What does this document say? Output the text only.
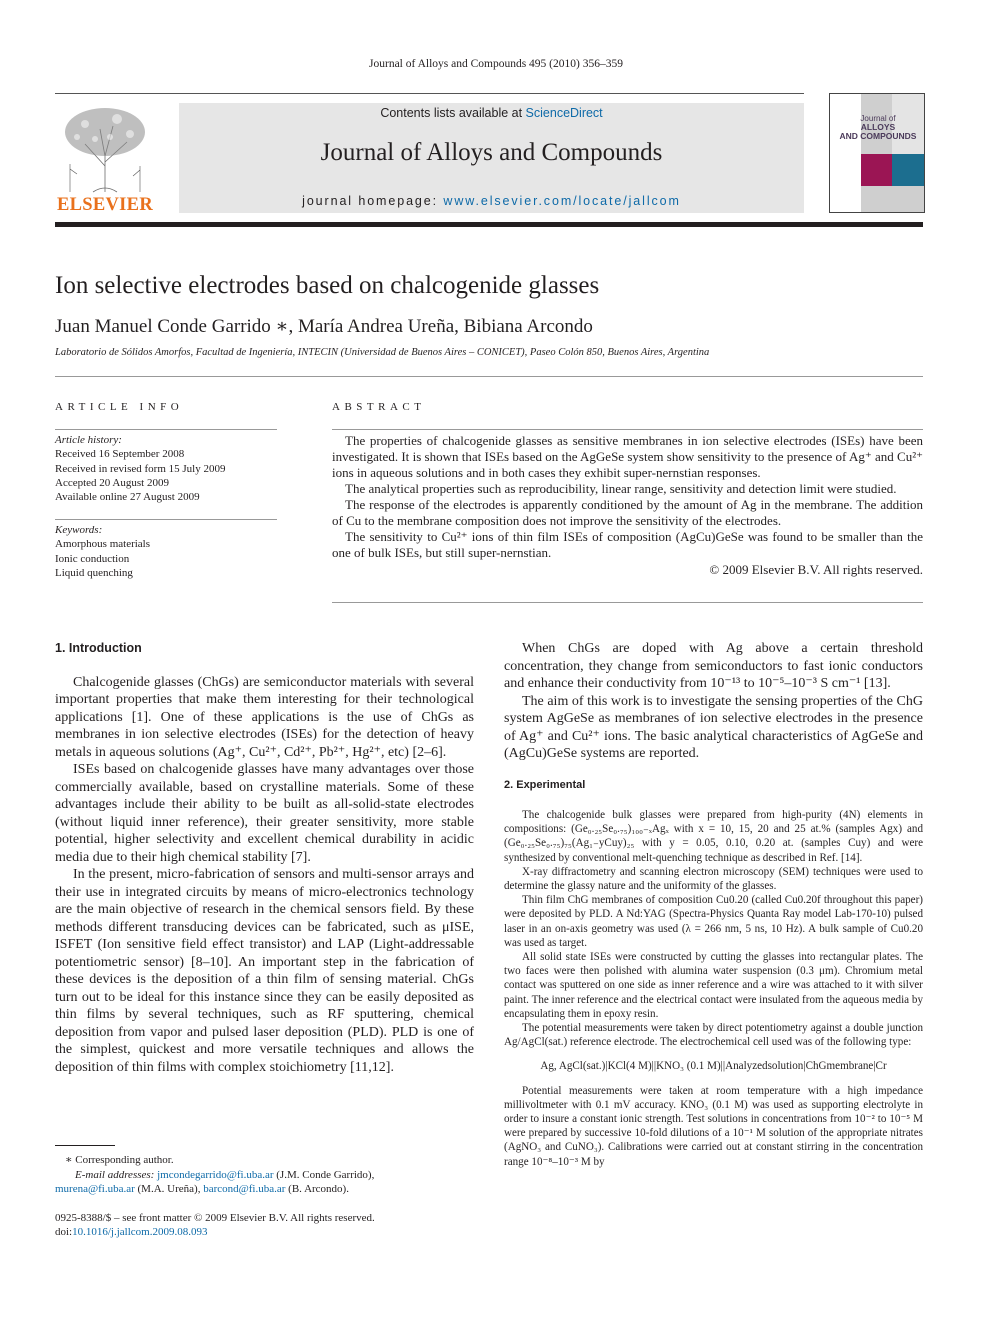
Journal of Alloys and Compounds 495 (2010) 356–359
ELSEVIER
Contents lists available at ScienceDirect
Journal of Alloys and Compounds
journal homepage: www.elsevier.com/locate/jallcom
Journal of
ALLOYS
AND COMPOUNDS
Ion selective electrodes based on chalcogenide glasses
Juan Manuel Conde Garrido ∗, María Andrea Ureña, Bibiana Arcondo
Laboratorio de Sólidos Amorfos, Facultad de Ingeniería, INTECIN (Universidad de Buenos Aires – CONICET), Paseo Colón 850, Buenos Aires, Argentina
ARTICLE INFO
Article history:
Received 16 September 2008
Received in revised form 15 July 2009
Accepted 20 August 2009
Available online 27 August 2009
Keywords:
Amorphous materials
Ionic conduction
Liquid quenching
ABSTRACT

The properties of chalcogenide glasses as sensitive membranes in ion selective electrodes (ISEs) have been investigated. It is shown that ISEs based on the AgGeSe system show sensitivity to the presence of Ag⁺ and Cu²⁺ ions in aqueous solutions and in both cases they exhibit super-nernstian responses.

The analytical properties such as reproducibility, linear range, sensitivity and detection limit were studied.

The response of the electrodes is apparently conditioned by the amount of Ag in the membrane. The addition of Cu to the membrane composition does not improve the sensitivity of the electrodes.

The sensitivity to Cu²⁺ ions of thin film ISEs of composition (AgCu)GeSe was found to be smaller than the one of bulk ISEs, but still super-nernstian.

© 2009 Elsevier B.V. All rights reserved.

1. Introduction

Chalcogenide glasses (ChGs) are semiconductor materials with several important properties that make them interesting for their technological applications [1]. One of these applications is the use of ChGs as membranes in ion selective electrodes (ISEs) for the detection of heavy metals in aqueous solutions (Ag⁺, Cu²⁺, Cd²⁺, Pb²⁺, Hg²⁺, etc) [2–6].

ISEs based on chalcogenide glasses have many advantages over those commercially available, based on crystalline materials. Some of these advantages include their ability to be built as all-solid-state electrodes (without liquid inner reference), their greater sensitivity, more stable potential, higher selectivity and excellent chemical durability in acidic media due to their high chemical stability [7].

In the present, micro-fabrication of sensors and multi-sensor arrays and their use in integrated circuits by means of micro-electronics technology are the main objective of research in the chemical sensors field. By these methods different transducing devices can be fabricated, such as μISE, ISFET (Ion sensitive field effect transistor) and LAP (Light-addressable potentiometric sensor) [8–10]. An important step in the fabrication of these devices is the deposition of a thin film of sensing material. ChGs turn out to be ideal for this instance since they can be easily deposited as thin films by several techniques, such as RF sputtering, chemical deposition from vapor and pulsed laser deposition (PLD). PLD is one of the simplest, quickest and more versatile techniques and allows the deposition of thin films with complex stoichiometry [11,12].

When ChGs are doped with Ag above a certain threshold concentration, they change from semiconductors to fast ionic conductors and enhance their conductivity from 10⁻¹³ to 10⁻⁵–10⁻³ S cm⁻¹ [13].

The aim of this work is to investigate the sensing properties of the ChG system AgGeSe as membranes of ion selective electrodes in the presence of Ag⁺ and Cu²⁺ ions. The basic analytical characteristics of AgGeSe and (AgCu)GeSe systems are reported.

2. Experimental

The chalcogenide bulk glasses were prepared from high-purity (4N) elements in compositions: (Ge₀.₂₅Se₀.₇₅)₁₀₀₋ₓAgₓ with x = 10, 15, 20 and 25 at.% (samples Agx) and (Ge₀.₂₅Se₀.₇₅)₇₅(Ag₁₋yCuy)₂₅ with y = 0.05, 0.10, 0.20 at. (samples Cuy) and were synthesized by conventional melt-quenching technique as described in Ref. [14].

X-ray diffractometry and scanning electron microscopy (SEM) techniques were used to determine the glassy nature and the uniformity of the glasses.

Thin film ChG membranes of composition Cu0.20 (called Cu0.20f throughout this paper) were deposited by PLD. A Nd:YAG (Spectra-Physics Quanta Ray model Lab-170-10) pulsed laser in an on-axis geometry was used (λ = 266 nm, 5 ns, 10 Hz). A bulk sample of Cu0.20 was used as target.

All solid state ISEs were constructed by cutting the glasses into rectangular plates. The two faces were then polished with alumina water suspension (0.3 μm). Chromium metal contact was sputtered on one side as inner reference and a wire was attached to it with silver paint. The inner reference and the electrical contact were insulated from the aqueous media by encapsulating them in epoxy resin.

The potential measurements were taken by direct potentiometry against a double junction Ag/AgCl(sat.) reference electrode. The electrochemical cell used was of the following type:

Ag, AgCl(sat.)|KCl(4 M)||KNO₃ (0.1 M)||Analyzedsolution|ChGmembrane|Cr

Potential measurements were taken at room temperature with a high impedance millivoltmeter with 0.1 mV accuracy. KNO₃ (0.1 M) was used as supporting electrolyte in order to insure a constant ionic strength. Test solutions in concentrations from 10⁻² to 10⁻⁵ M were prepared by successive 10-fold dilutions of a 10⁻¹ M solution of the appropriate nitrates (AgNO₃ and CuNO₃). Calibrations were carried out at constant stirring in the concentration range 10⁻⁸–10⁻³ M by

∗ Corresponding author.
E-mail addresses: jmcondegarrido@fi.uba.ar (J.M. Conde Garrido),
murena@fi.uba.ar (M.A. Ureña), barcond@fi.uba.ar (B. Arcondo).
0925-8388/$ – see front matter © 2009 Elsevier B.V. All rights reserved.
doi:10.1016/j.jallcom.2009.08.093
